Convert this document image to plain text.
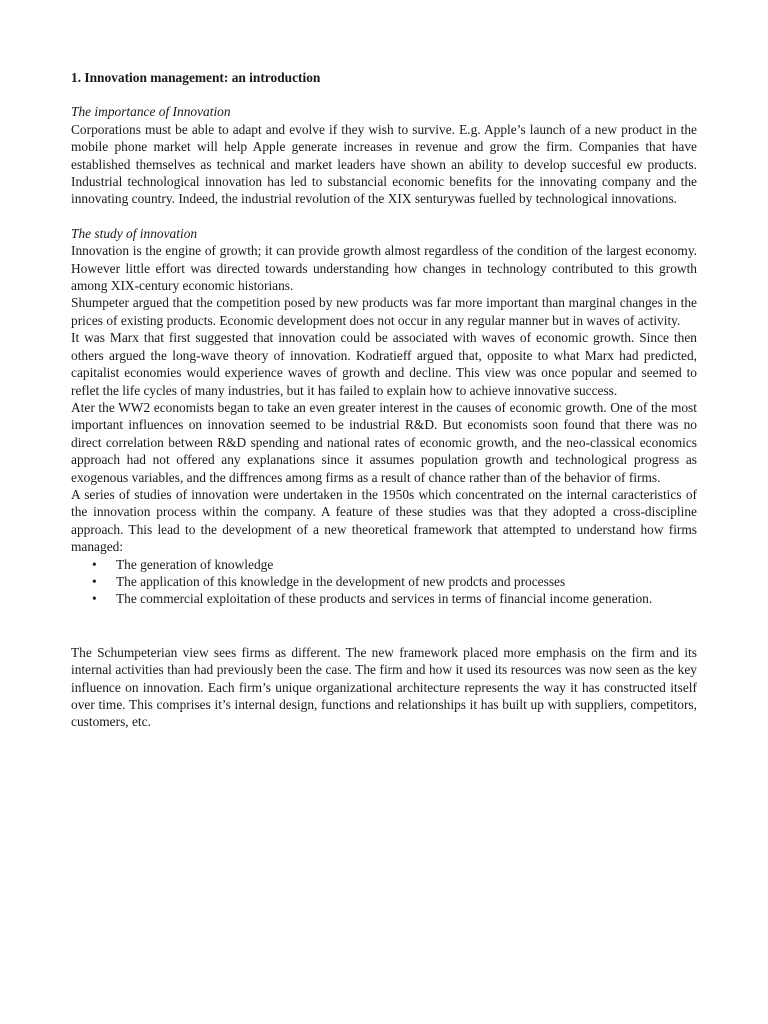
1. Innovation management: an introduction
The importance of Innovation

Corporations must be able to adapt and evolve if they wish to survive. E.g. Apple’s launch of a new product in the mobile phone market will help Apple generate increases in revenue and grow the firm. Companies that have established themselves as technical and market leaders have shown an ability to develop succesful ew products. Industrial technological innovation has led to substancial economic benefits for the innovating company and the innovating country. Indeed, the industrial revolution of the XIX senturywas fuelled by technological innovations.

The study of innovation

Innovation is the engine of growth; it can provide growth almost regardless of the condition of the largest economy. However little effort was directed towards understanding how changes in technology contributed to this growth among XIX-century economic historians.

Shumpeter argued that the competition posed by new products was far more important than marginal changes in the prices of existing products. Economic development does not occur in any regular manner but in waves of activity.

It was Marx that first suggested that innovation could be associated with waves of economic growth. Since then others argued the long-wave theory of innovation. Kodratieff argued that, opposite to what Marx had predicted, capitalist economies would experience waves of growth and decline. This view was once popular and seemed to reflet the life cycles of many industries, but it has failed to explain how to achieve innovative success.

Ater the WW2 economists began to take an even greater interest in the causes of economic growth. One of the most important influences on innovation seemed to be industrial R&D. But economists soon found that there was no direct correlation between R&D spending and national rates of economic growth, and the neo-classical economics approach had not offered any explanations since it assumes population growth and technological progress as exogenous variables, and the diffrences among firms as a result of chance rather than of the behavior of firms.

A series of studies of innovation were undertaken in the 1950s which concentrated on the internal caracteristics of the innovation process within the company. A feature of these studies was that they adopted a cross-discipline approach. This lead to the development of a new theoretical framework that attempted to understand how firms managed:

• The generation of knowledge
• The application of this knowledge in the development of new prodcts and processes
• The commercial exploitation of these products and services in terms of financial income generation.

The Schumpeterian view sees firms as different. The new framework placed more emphasis on the firm and its internal activities than had previously been the case. The firm and how it used its resources was now seen as the key influence on innovation. Each firm’s unique organizational architecture represents the way it has constructed itself over time. This comprises it’s internal design, functions and relationships it has built up with suppliers, competitors, customers, etc.
